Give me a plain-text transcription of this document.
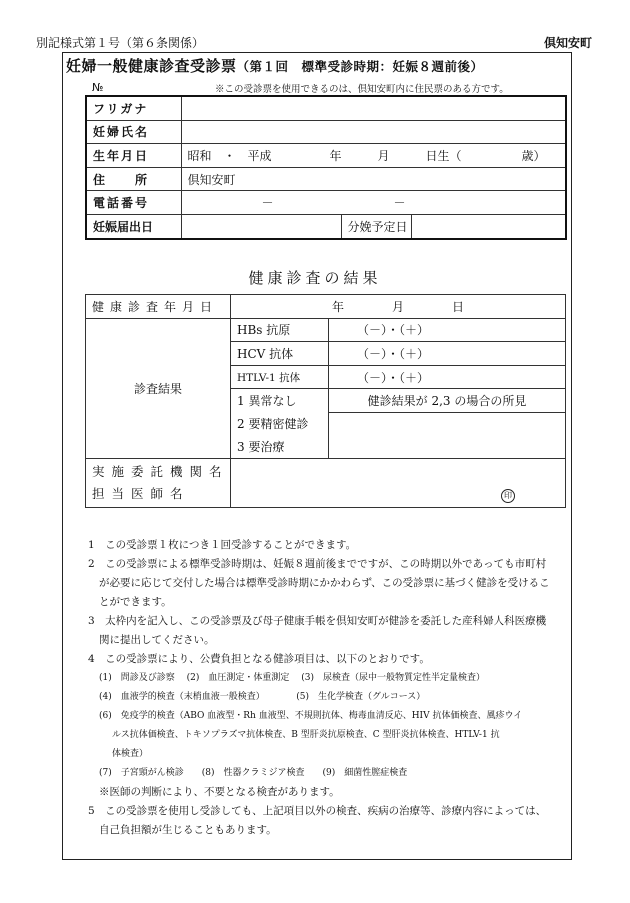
別記様式第１号（第６条関係）	倶知安町
妊婦一般健康診査受診票（第１回　標準受診時期：妊娠８週前後）
№	※この受診票を使用できるのは、倶知安町内に住民票のある方です。
フリガナ			
妊婦氏名			
生年月日	昭和　・　平成 年　　　月　　　日生（　　　　　歳）		
住　　所	倶知安町		
電話番号	－　　　　　　　　　　－		
妊娠届出日		分娩予定日	
健康診査の結果
健康診査年月日	年　　　　月　　　　日	
診査結果	HBs 抗原	（－）・（＋）
	HCV 抗体	（－）・（＋）
	HTLV-1 抗体	（－）・（＋）
	1 異常なし	健診結果が 2,3 の場合の所見
	2 要精密健診	
	3 要治療	

実施委託機関名
担当医師名	印	
1　この受診票１枚につき１回受診することができます。
2　この受診票による標準受診時期は、妊娠８週前後までですが、この時期以外であっても市町村
が必要に応じて交付した場合は標準受診時期にかかわらず、この受診票に基づく健診を受けるこ
とができます。
3　太枠内を記入し、この受診票及び母子健康手帳を倶知安町が健診を委託した産科婦人科医療機
関に提出してください。
4　この受診票により、公費負担となる健診項目は、以下のとおりです。
(1)　問診及び診察　 (2)　血圧測定・体重測定　 (3)　尿検査（尿中一般物質定性半定量検査）
(4)　血液学的検査（末梢血液一般検査）　　　　(5)　生化学検査（グルコース）
(6)　免疫学的検査（ABO 血液型・Rh 血液型、不規則抗体、梅毒血清反応、HIV 抗体価検査、風疹ウイ
ルス抗体価検査、トキソプラズマ抗体検査、B 型肝炎抗原検査、C 型肝炎抗体検査、HTLV-1 抗
体検査）
(7)　子宮頸がん検診　　(8)　性器クラミジア検査　　(9)　細菌性膣症検査
※医師の判断により、不要となる検査があります。
5　この受診票を使用し受診しても、上記項目以外の検査、疾病の治療等、診療内容によっては、
自己負担額が生じることもあります。
